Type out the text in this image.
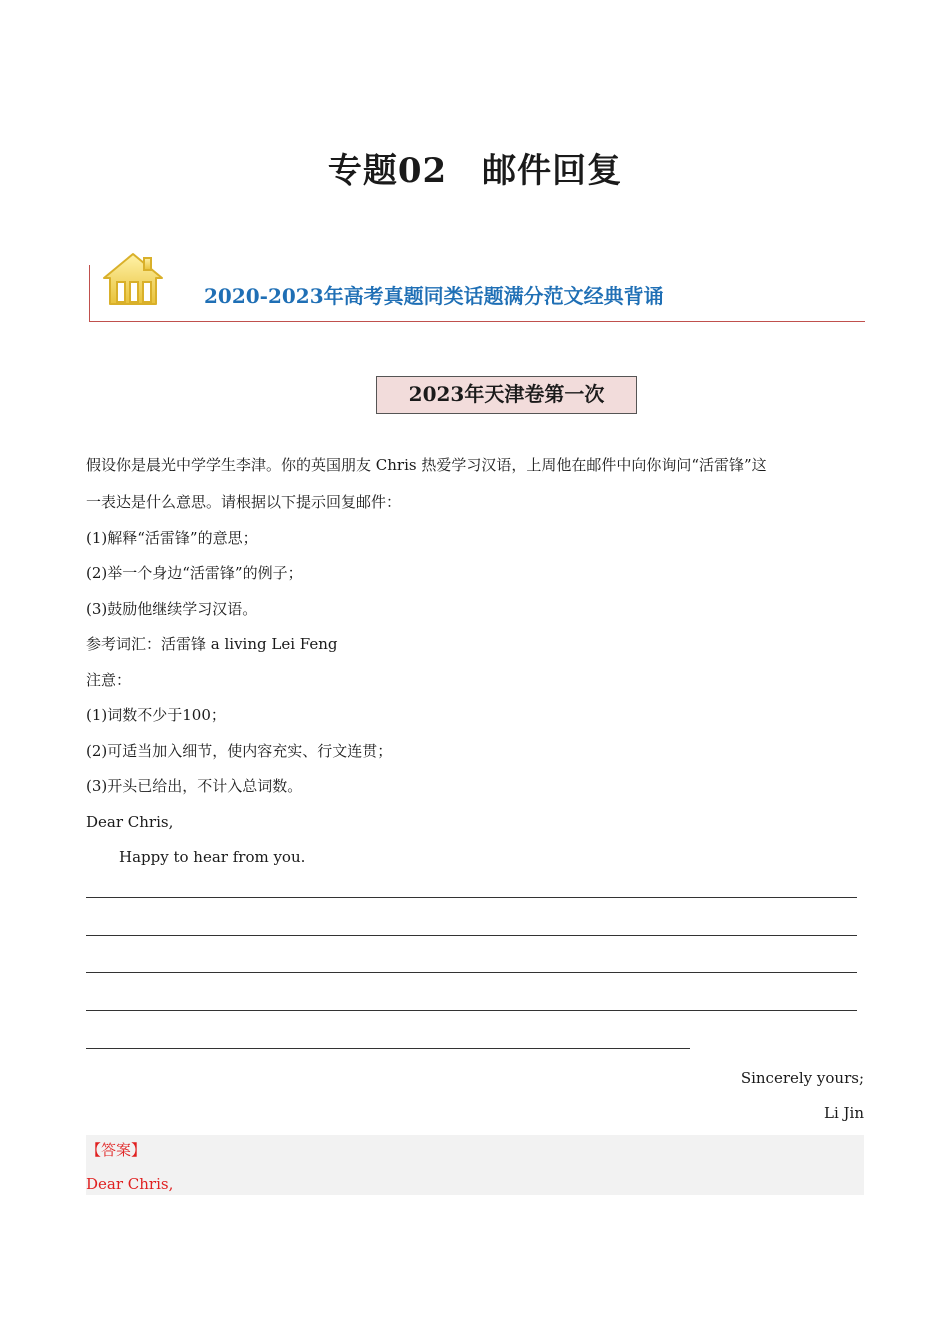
专题02　邮件回复
2020-2023年高考真题同类话题满分范文经典背诵
2023年天津卷第一次
假设你是晨光中学学生李津。你的英国朋友 Chris 热爱学习汉语，上周他在邮件中向你询问“活雷锋”这
一表达是什么意思。请根据以下提示回复邮件：
(1)解释“活雷锋”的意思；
(2)举一个身边“活雷锋”的例子；
(3)鼓励他继续学习汉语。
参考词汇：活雷锋 a living Lei Feng
注意：
(1)词数不少于100；
(2)可适当加入细节，使内容充实、行文连贯；
(3)开头已给出，不计入总词数。
Dear Chris,
Happy to hear from you.
Sincerely yours;
Li Jin
【答案】
Dear Chris,
